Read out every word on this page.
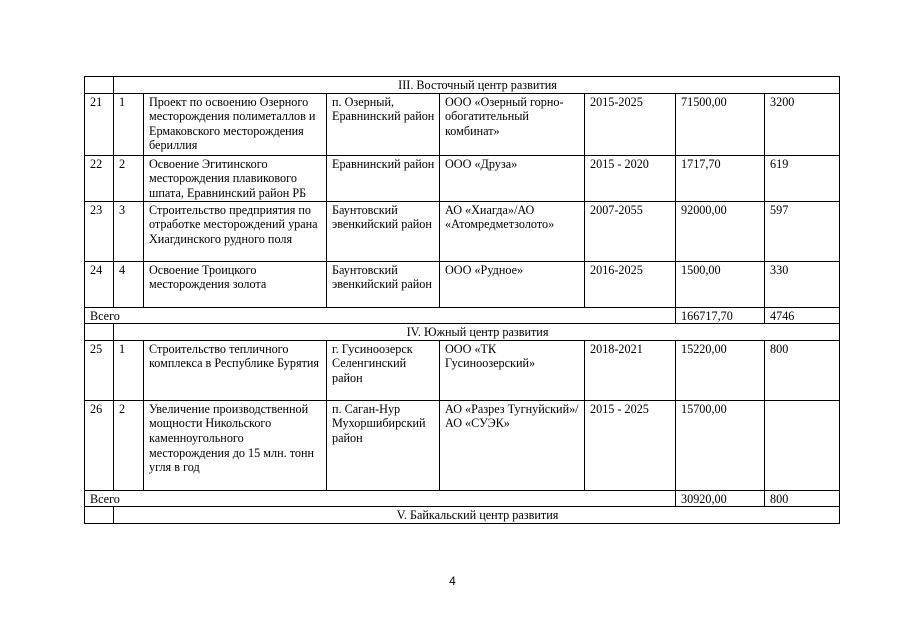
	III. Восточный центр развития						
21	1	Проект по освоению Озерного месторождения полиметаллов и Ермаковского месторождения бериллия	п. Озерный, Еравнинский район	ООО «Озерный горно-обогатительный комбинат»	2015-2025	71500,00	3200
22	2	Освоение Эгитинского месторождения плавикового шпата, Еравнинский район РБ	Еравнинский район	ООО «Друза»	2015 - 2020	1717,70	619
23	3	Строительство предприятия по отработке месторождений урана Хиагдинского рудного поля	Баунтовский эвенкийский район	АО «Хиагда»/АО «Атомредметзолото»	2007-2055	92000,00	597
24	4	Освоение Троицкого месторождения золота	Баунтовский эвенкийский район	ООО «Рудное»	2016-2025	1500,00	330
Всего						166717,70	4746
	IV. Южный центр развития						
25	1	Строительство тепличного комплекса в Республике Бурятия	г. Гусиноозерск Селенгинский район	ООО «ТК Гусиноозерский»	2018-2021	15220,00	800
26	2	Увеличение производственной мощности Никольского каменноугольного месторождения до 15 млн. тонн угля в год	п. Саган-Нур Мухоршибирский район	АО «Разрез Тугнуйский»/АО «СУЭК»	2015 - 2025	15700,00	
Всего						30920,00	800
	V. Байкальский центр развития						
4
